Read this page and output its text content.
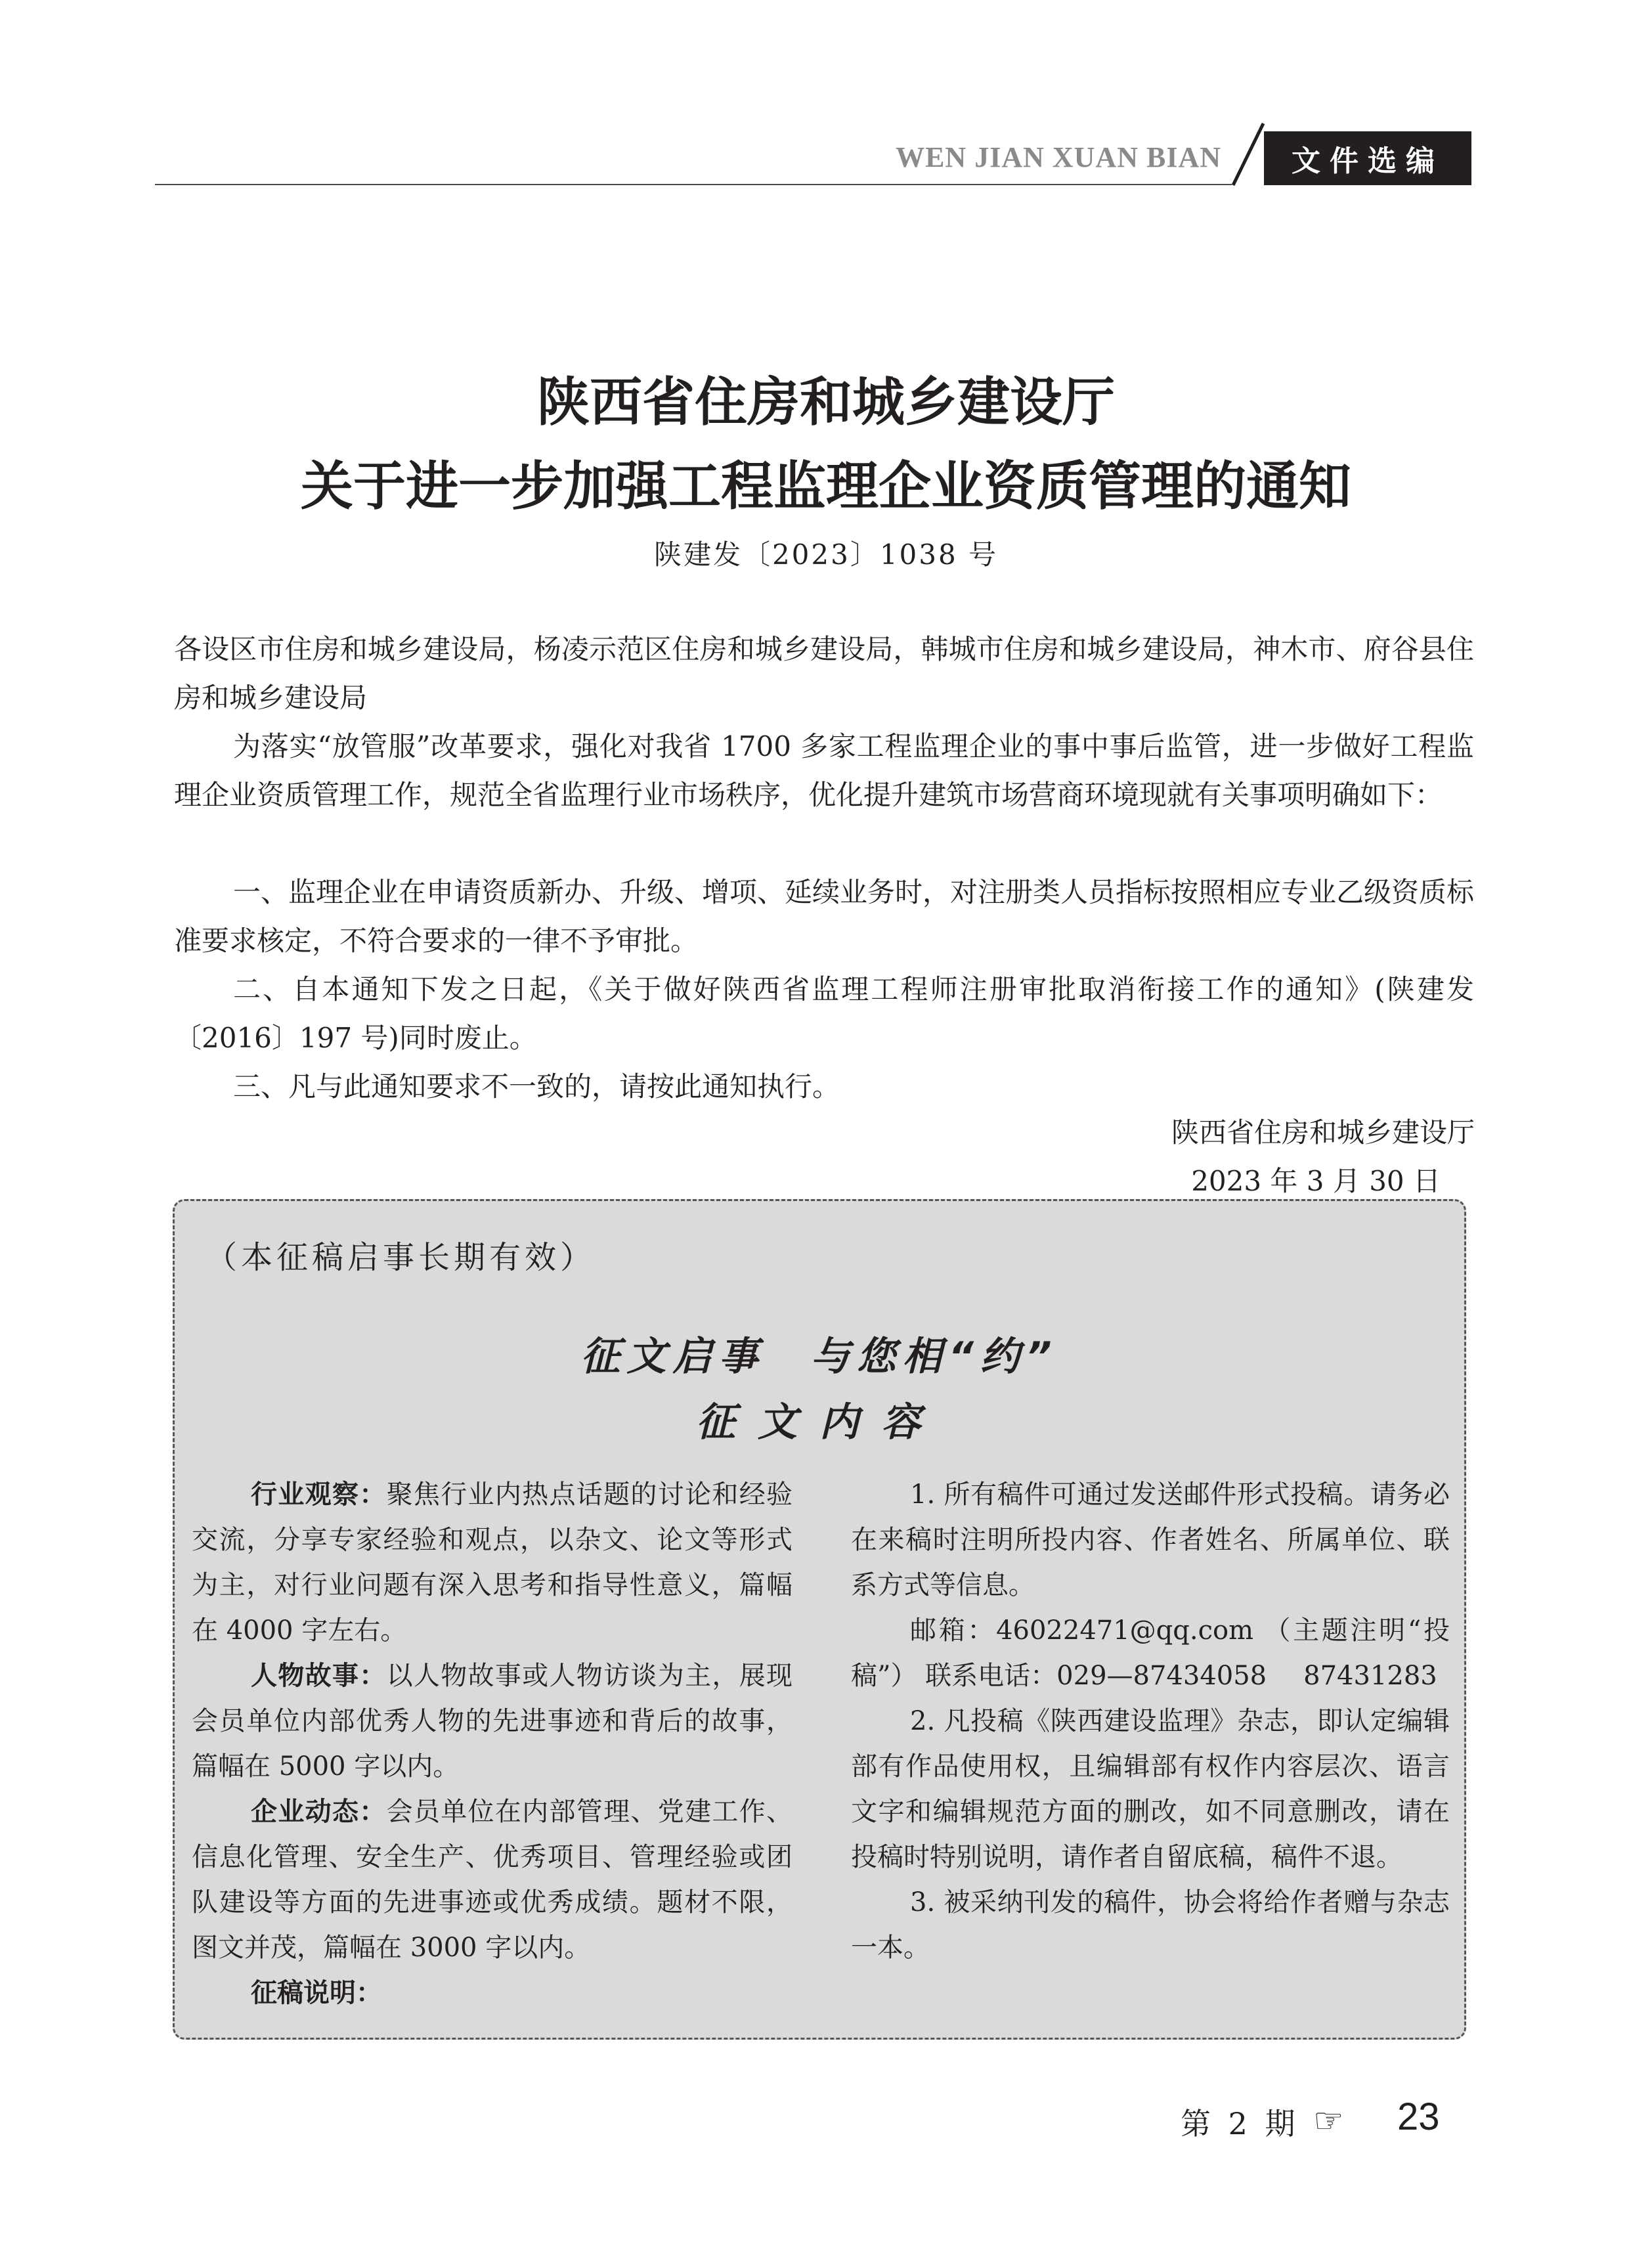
WEN JIAN XUAN BIAN	文件选编
陕西省住房和城乡建设厅
关于进一步加强工程监理企业资质管理的通知
陕建发〔2023〕1038 号
各设区市住房和城乡建设局，杨凌示范区住房和城乡建设局，韩城市住房和城乡建设局，神木市、府谷县住房和城乡建设局
为落实“放管服”改革要求，强化对我省 1700 多家工程监理企业的事中事后监管，进一步做好工程监理企业资质管理工作，规范全省监理行业市场秩序，优化提升建筑市场营商环境现就有关事项明确如下：
一、监理企业在申请资质新办、升级、增项、延续业务时，对注册类人员指标按照相应专业乙级资质标准要求核定，不符合要求的一律不予审批。
二、自本通知下发之日起，《关于做好陕西省监理工程师注册审批取消衔接工作的通知》(陕建发〔2016〕197 号)同时废止。
三、凡与此通知要求不一致的，请按此通知执行。
陕西省住房和城乡建设厅
2023 年 3 月 30 日
（本征稿启事长期有效）
征文启事　与您相“约”
征文内容

行业观察：聚焦行业内热点话题的讨论和经验交流，分享专家经验和观点，以杂文、论文等形式为主，对行业问题有深入思考和指导性意义，篇幅在 4000 字左右。

人物故事：以人物故事或人物访谈为主，展现会员单位内部优秀人物的先进事迹和背后的故事，篇幅在 5000 字以内。

企业动态：会员单位在内部管理、党建工作、信息化管理、安全生产、优秀项目、管理经验或团队建设等方面的先进事迹或优秀成绩。题材不限，图文并茂，篇幅在 3000 字以内。

征稿说明：

1. 所有稿件可通过发送邮件形式投稿。请务必在来稿时注明所投内容、作者姓名、所属单位、联系方式等信息。

邮箱：46022471@qq.com （主题注明“投稿”） 联系电话：029—87434058 87431283

2. 凡投稿《陕西建设监理》杂志，即认定编辑部有作品使用权，且编辑部有权作内容层次、语言文字和编辑规范方面的删改，如不同意删改，请在投稿时特别说明，请作者自留底稿，稿件不退。

3. 被采纳刊发的稿件，协会将给作者赠与杂志一本。

第 2 期 ☞ 23
